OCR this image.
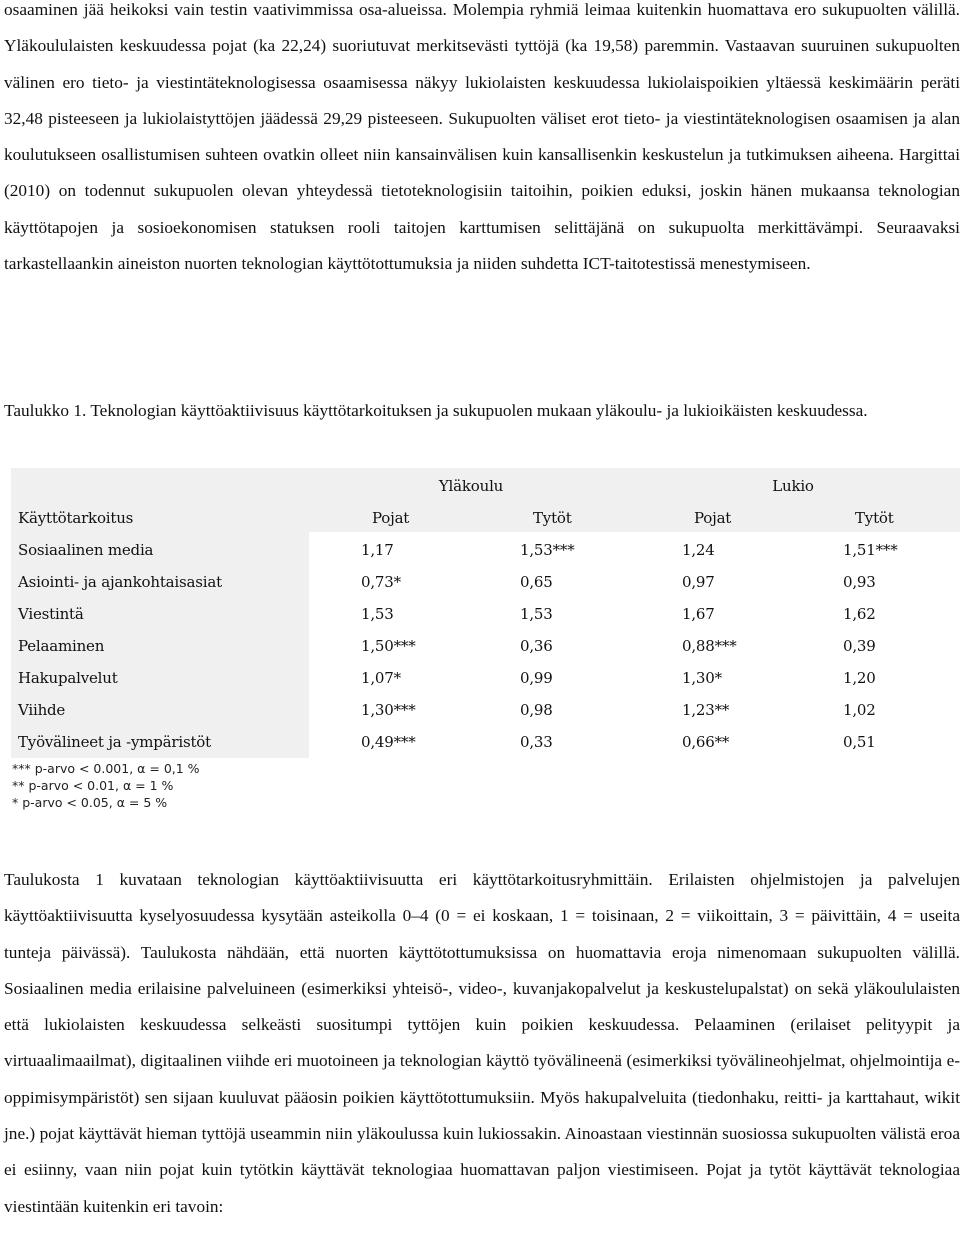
osaaminen jää heikoksi vain testin vaativimmissa osa-alueissa. Molempia ryhmiä leimaa kuitenkin huomattava ero sukupuolten välillä. Yläkoululaisten keskuudessa pojat (ka 22,24) suoriutuvat merkitsevästi tyttöjä (ka 19,58) paremmin. Vastaavan suuruinen sukupuolten välinen ero tieto- ja viestintäteknologisessa osaamisessa näkyy lukiolaisten keskuudessa lukiolaispoikien yltäessä keskimäärin peräti 32,48 pisteeseen ja lukiolaistyttöjen jäädessä 29,29 pisteeseen. Sukupuolten väliset erot tieto- ja viestintäteknologisen osaamisen ja alan koulutukseen osallistumisen suhteen ovatkin olleet niin kansainvälisen kuin kansallisenkin keskustelun ja tutkimuksen aiheena. Hargittai (2010) on todennut sukupuolen olevan yhteydessä tietoteknologisiin taitoihin, poikien eduksi, joskin hänen mukaansa teknologian käyttötapojen ja sosioekonomisen statuksen rooli taitojen karttumisen selittäjänä on sukupuolta merkittävämpi. Seuraavaksi tarkastellaankin aineiston nuorten teknologian käyttötottumuksia ja niiden suhdetta ICT-taitotestissä menestymiseen.

Taulukko 1. Teknologian käyttöaktiivisuus käyttötarkoituksen ja sukupuolen mukaan yläkoulu- ja lukioikäisten keskuudessa.

Yläkoulu	Lukio
Käyttötarkoitus	Pojat	Tytöt	Pojat	Tytöt
Sosiaalinen media	1,17	1,53***	1,24	1,51***
Asiointi- ja ajankohtaisasiat	0,73*	0,65	0,97	0,93
Viestintä	1,53	1,53	1,67	1,62
Pelaaminen	1,50***	0,36	0,88***	0,39
Hakupalvelut	1,07*	0,99	1,30*	1,20
Viihde	1,30***	0,98	1,23**	1,02
Työvälineet ja -ympäristöt	0,49***	0,33	0,66**	0,51
*** p-arvo < 0.001, α = 0,1 %
** p-arvo < 0.01, α = 1 %
* p-arvo < 0.05, α = 5 %

Taulukosta 1 kuvataan teknologian käyttöaktiivisuutta eri käyttötarkoitusryhmittäin. Erilaisten ohjelmistojen ja palvelujen käyttöaktiivisuutta kyselyosuudessa kysytään asteikolla 0–4 (0 = ei koskaan, 1 = toisinaan, 2 = viikoittain, 3 = päivittäin, 4 = useita tunteja päivässä). Taulukosta nähdään, että nuorten käyttötottumuksissa on huomattavia eroja nimenomaan sukupuolten välillä. Sosiaalinen media erilaisine palveluineen (esimerkiksi yhteisö-, video-, kuvanjakopalvelut ja keskustelupalstat) on sekä yläkoululaisten että lukiolaisten keskuudessa selkeästi suositumpi tyttöjen kuin poikien keskuudessa. Pelaaminen (erilaiset pelityypit ja virtuaalimaailmat), digitaalinen viihde eri muotoineen ja teknologian käyttö työvälineenä (esimerkiksi työvälineohjelmat, ohjelmointija e-oppimisympäristöt) sen sijaan kuuluvat pääosin poikien käyttötottumuksiin. Myös hakupalveluita (tiedonhaku, reitti- ja karttahaut, wikit jne.) pojat käyttävät hieman tyttöjä useammin niin yläkoulussa kuin lukiossakin. Ainoastaan viestinnän suosiossa sukupuolten välistä eroa ei esiinny, vaan niin pojat kuin tytötkin käyttävät teknologiaa huomattavan paljon viestimiseen. Pojat ja tytöt käyttävät teknologiaa viestintään kuitenkin eri tavoin:
